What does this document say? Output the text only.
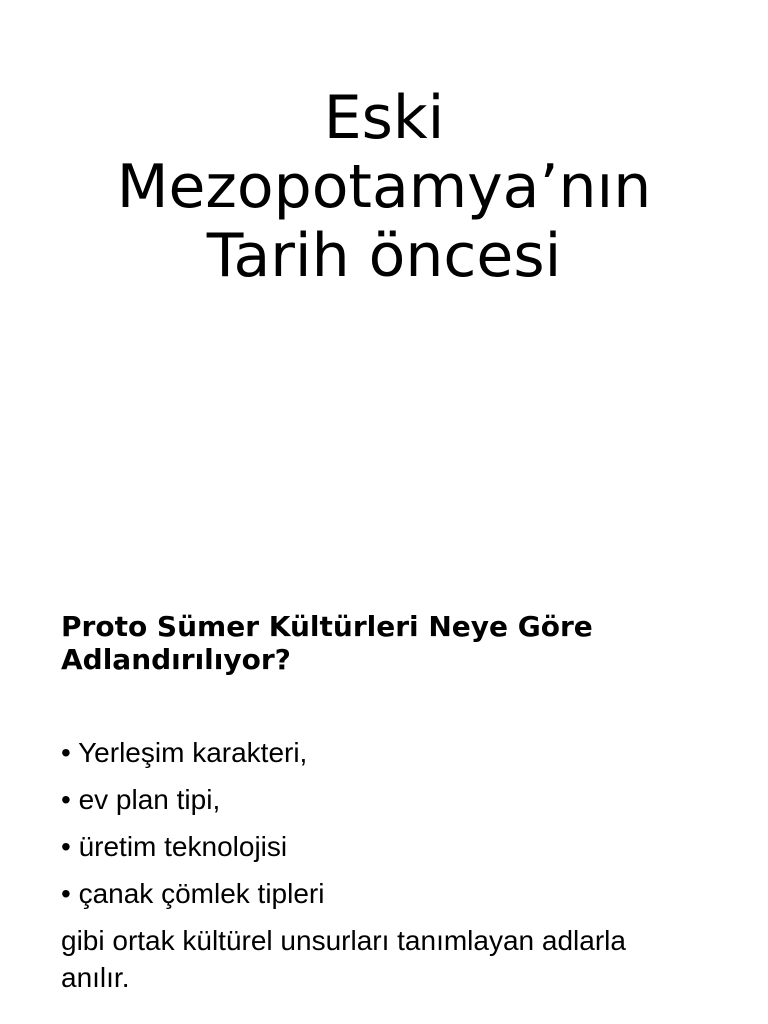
Eski
Mezopotamya’nın
Tarih öncesi
Proto Sümer Kültürleri Neye Göre
Adlandırılıyor?
• Yerleşim karakteri,
• ev plan tipi,
• üretim teknolojisi
• çanak çömlek tipleri
gibi ortak kültürel unsurları tanımlayan adlarla
anılır.
